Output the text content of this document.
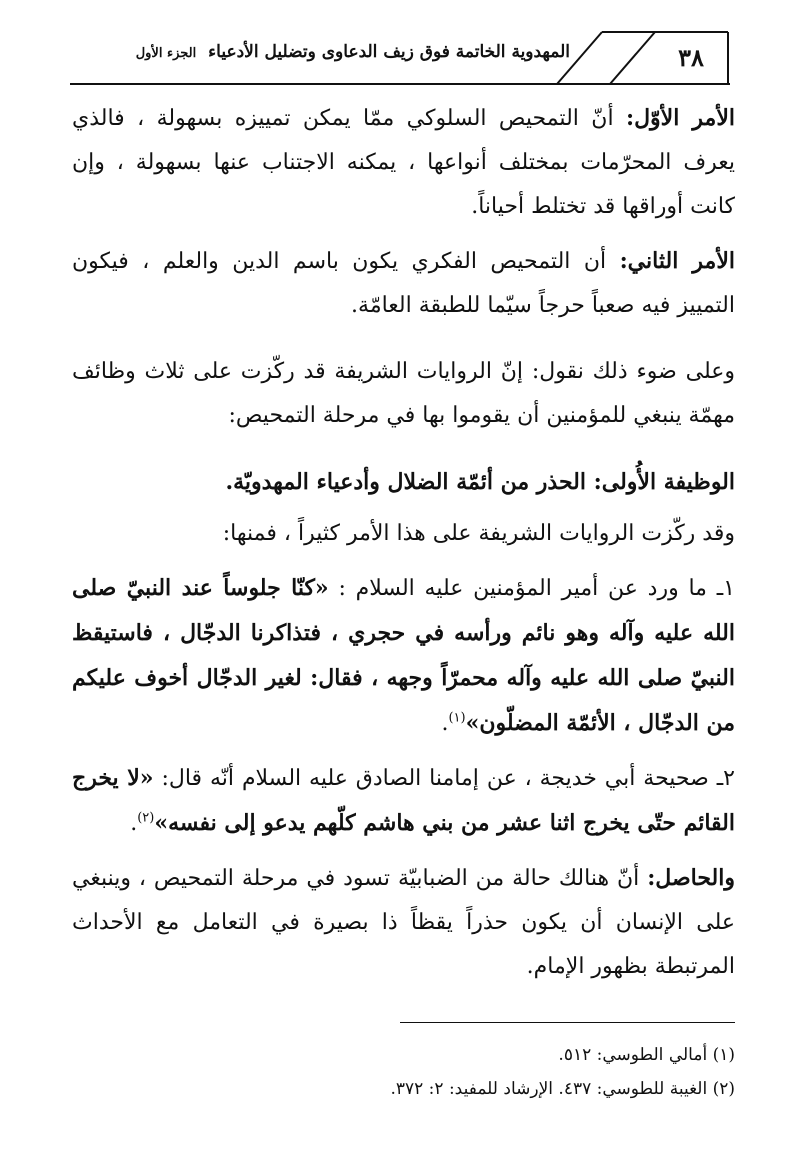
٣٨
المهدوية الخاتمة فوق زيف الدعاوى وتضليل الأدعياء الجزء الأول

الأمر الأوّل: أنّ التمحيص السلوكي ممّا يمكن تمييزه بسهولة ، فالذي يعرف المحرّمات بمختلف أنواعها ، يمكنه الاجتناب عنها بسهولة ، وإن كانت أوراقها قد تختلط أحياناً.

الأمر الثاني: أن التمحيص الفكري يكون باسم الدين والعلم ، فيكون التمييز فيه صعباً حرجاً سيّما للطبقة العامّة.

وعلى ضوء ذلك نقول: إنّ الروايات الشريفة قد ركّزت على ثلاث وظائف مهمّة ينبغي للمؤمنين أن يقوموا بها في مرحلة التمحيص:

الوظيفة الأُولى: الحذر من أئمّة الضلال وأدعياء المهدويّة.

وقد ركّزت الروايات الشريفة على هذا الأمر كثيراً ، فمنها:

١ـ ما ورد عن أمير المؤمنين عليه السلام : «كنّا جلوساً عند النبيّ صلى الله عليه وآله وهو نائم ورأسه في حجري ، فتذاكرنا الدجّال ، فاستيقظ النبيّ صلى الله عليه وآله محمرّاً وجهه ، فقال: لغير الدجّال أخوف عليكم من الدجّال ، الأئمّة المضلّون»$^{(١)}$.

٢ـ صحيحة أبي خديجة ، عن إمامنا الصادق عليه السلام أنّه قال: «لا يخرج القائم حتّى يخرج اثنا عشر من بني هاشم كلّهم يدعو إلى نفسه»$^{(٢)}$.

والحاصل: أنّ هنالك حالة من الضبابيّة تسود في مرحلة التمحيص ، وينبغي على الإنسان أن يكون حذراً يقظاً ذا بصيرة في التعامل مع الأحداث المرتبطة بظهور الإمام.

(١) أمالي الطوسي: ٥١٢.

(٢) الغيبة للطوسي: ٤٣٧. الإرشاد للمفيد: ٢: ٣٧٢.
